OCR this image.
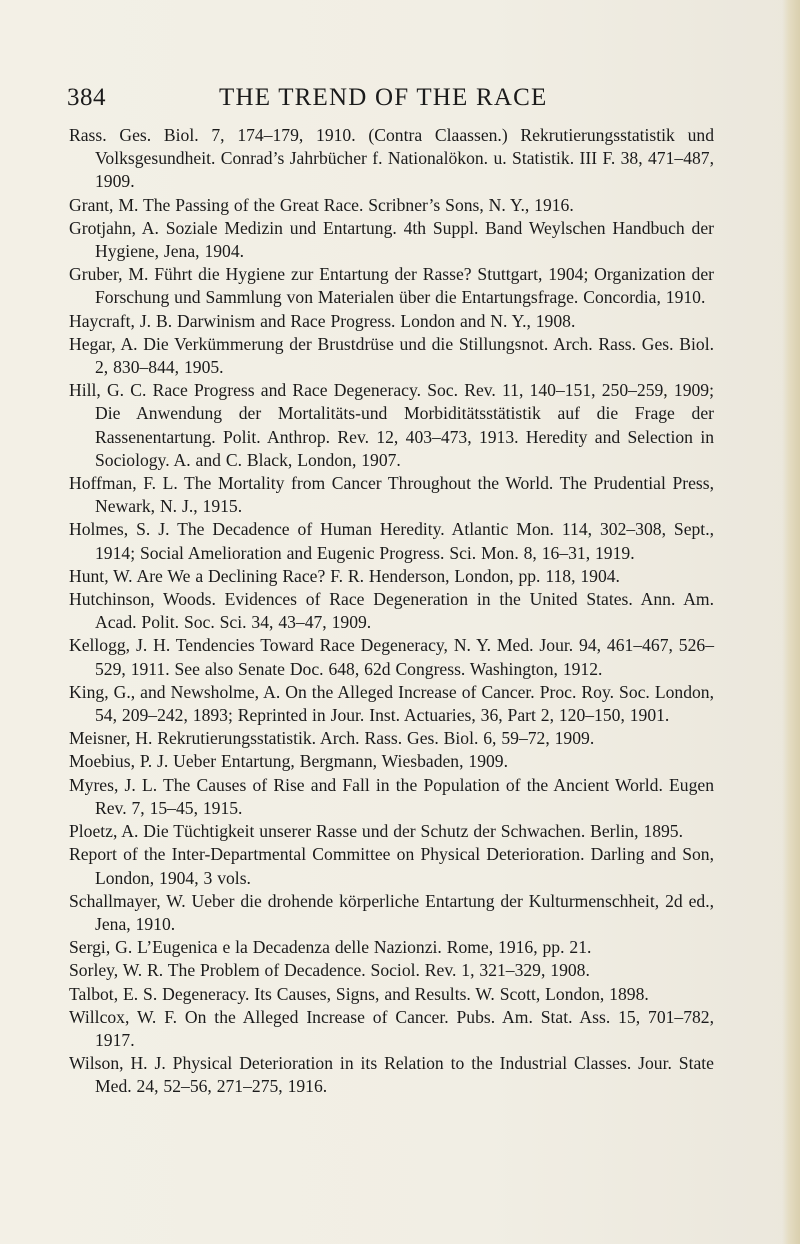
384	THE TREND OF THE RACE

Rass. Ges. Biol. 7, 174–179, 1910. (Contra Claassen.) Rekrutierungsstatistik und Volksgesundheit. Conrad’s Jahrbücher f. Nationalökon. u. Statistik. III F. 38, 471–487, 1909.

Grant, M. The Passing of the Great Race. Scribner’s Sons, N. Y., 1916.

Grotjahn, A. Soziale Medizin und Entartung. 4th Suppl. Band Weylschen Handbuch der Hygiene, Jena, 1904.

Gruber, M. Führt die Hygiene zur Entartung der Rasse? Stuttgart, 1904; Organization der Forschung und Sammlung von Materialen über die Entartungsfrage. Concordia, 1910.

Haycraft, J. B. Darwinism and Race Progress. London and N. Y., 1908.

Hegar, A. Die Verkümmerung der Brustdrüse und die Stillungsnot. Arch. Rass. Ges. Biol. 2, 830–844, 1905.

Hill, G. C. Race Progress and Race Degeneracy. Soc. Rev. 11, 140–151, 250–259, 1909; Die Anwendung der Mortalitäts-und Morbiditätsstätistik auf die Frage der Rassenentartung. Polit. Anthrop. Rev. 12, 403–473, 1913. Heredity and Selection in Sociology. A. and C. Black, London, 1907.

Hoffman, F. L. The Mortality from Cancer Throughout the World. The Prudential Press, Newark, N. J., 1915.

Holmes, S. J. The Decadence of Human Heredity. Atlantic Mon. 114, 302–308, Sept., 1914; Social Amelioration and Eugenic Progress. Sci. Mon. 8, 16–31, 1919.

Hunt, W. Are We a Declining Race? F. R. Henderson, London, pp. 118, 1904.

Hutchinson, Woods. Evidences of Race Degeneration in the United States. Ann. Am. Acad. Polit. Soc. Sci. 34, 43–47, 1909.

Kellogg, J. H. Tendencies Toward Race Degeneracy, N. Y. Med. Jour. 94, 461–467, 526–529, 1911. See also Senate Doc. 648, 62d Congress. Washington, 1912.

King, G., and Newsholme, A. On the Alleged Increase of Cancer. Proc. Roy. Soc. London, 54, 209–242, 1893; Reprinted in Jour. Inst. Actuaries, 36, Part 2, 120–150, 1901.

Meisner, H. Rekrutierungsstatistik. Arch. Rass. Ges. Biol. 6, 59–72, 1909.

Moebius, P. J. Ueber Entartung, Bergmann, Wiesbaden, 1909.

Myres, J. L. The Causes of Rise and Fall in the Population of the Ancient World. Eugen Rev. 7, 15–45, 1915.

Ploetz, A. Die Tüchtigkeit unserer Rasse und der Schutz der Schwachen. Berlin, 1895.

Report of the Inter-Departmental Committee on Physical Deterioration. Darling and Son, London, 1904, 3 vols.

Schallmayer, W. Ueber die drohende körperliche Entartung der Kulturmenschheit, 2d ed., Jena, 1910.

Sergi, G. L’Eugenica e la Decadenza delle Nazionzi. Rome, 1916, pp. 21.

Sorley, W. R. The Problem of Decadence. Sociol. Rev. 1, 321–329, 1908.

Talbot, E. S. Degeneracy. Its Causes, Signs, and Results. W. Scott, London, 1898.

Willcox, W. F. On the Alleged Increase of Cancer. Pubs. Am. Stat. Ass. 15, 701–782, 1917.

Wilson, H. J. Physical Deterioration in its Relation to the Industrial Classes. Jour. State Med. 24, 52–56, 271–275, 1916.
